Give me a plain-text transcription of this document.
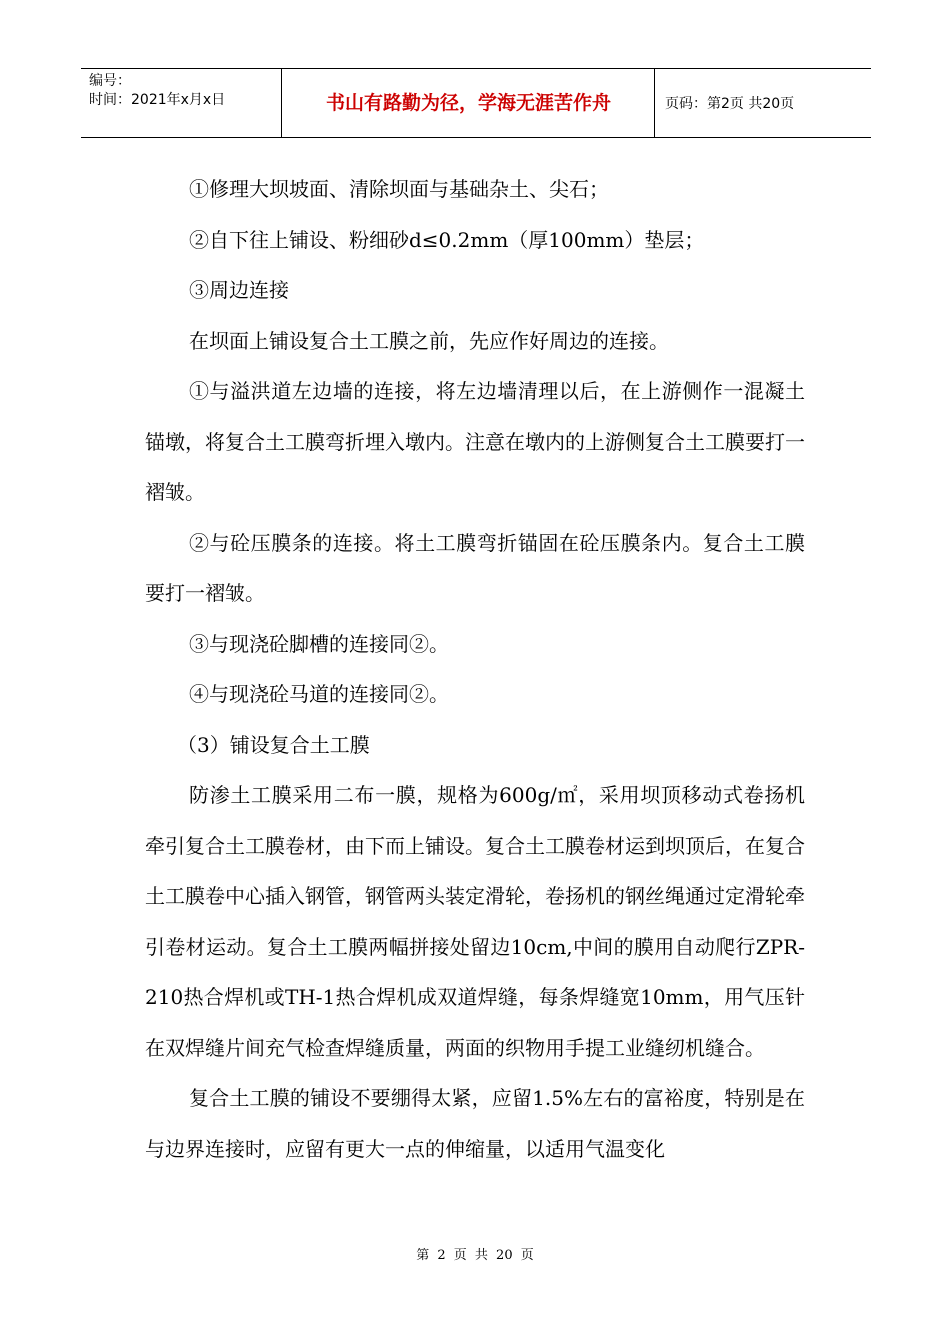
编号：
时间：2021年x月x日	书山有路勤为径，学海无涯苦作舟	页码：第2页 共20页

①修理大坝坡面、清除坝面与基础杂土、尖石；

②自下往上铺设、粉细砂d≤0.2mm（厚100mm）垫层；

③周边连接

在坝面上铺设复合土工膜之前，先应作好周边的连接。

①与溢洪道左边墙的连接，将左边墙清理以后，在上游侧作一混凝土锚墩，将复合土工膜弯折埋入墩内。注意在墩内的上游侧复合土工膜要打一褶皱。

②与砼压膜条的连接。将土工膜弯折锚固在砼压膜条内。复合土工膜要打一褶皱。

③与现浇砼脚槽的连接同②。

④与现浇砼马道的连接同②。

（3）铺设复合土工膜

防渗土工膜采用二布一膜，规格为600g/㎡，采用坝顶移动式卷扬机牵引复合土工膜卷材，由下而上铺设。复合土工膜卷材运到坝顶后，在复合土工膜卷中心插入钢管，钢管两头装定滑轮，卷扬机的钢丝绳通过定滑轮牵引卷材运动。复合土工膜两幅拼接处留边10cm,中间的膜用自动爬行ZPR-210热合焊机或TH-1热合焊机成双道焊缝，每条焊缝宽10mm，用气压针在双焊缝片间充气检查焊缝质量，两面的织物用手提工业缝纫机缝合。

复合土工膜的铺设不要绷得太紧，应留1.5%左右的富裕度，特别是在与边界连接时，应留有更大一点的伸缩量，以适用气温变化

第 2 页 共 20 页
